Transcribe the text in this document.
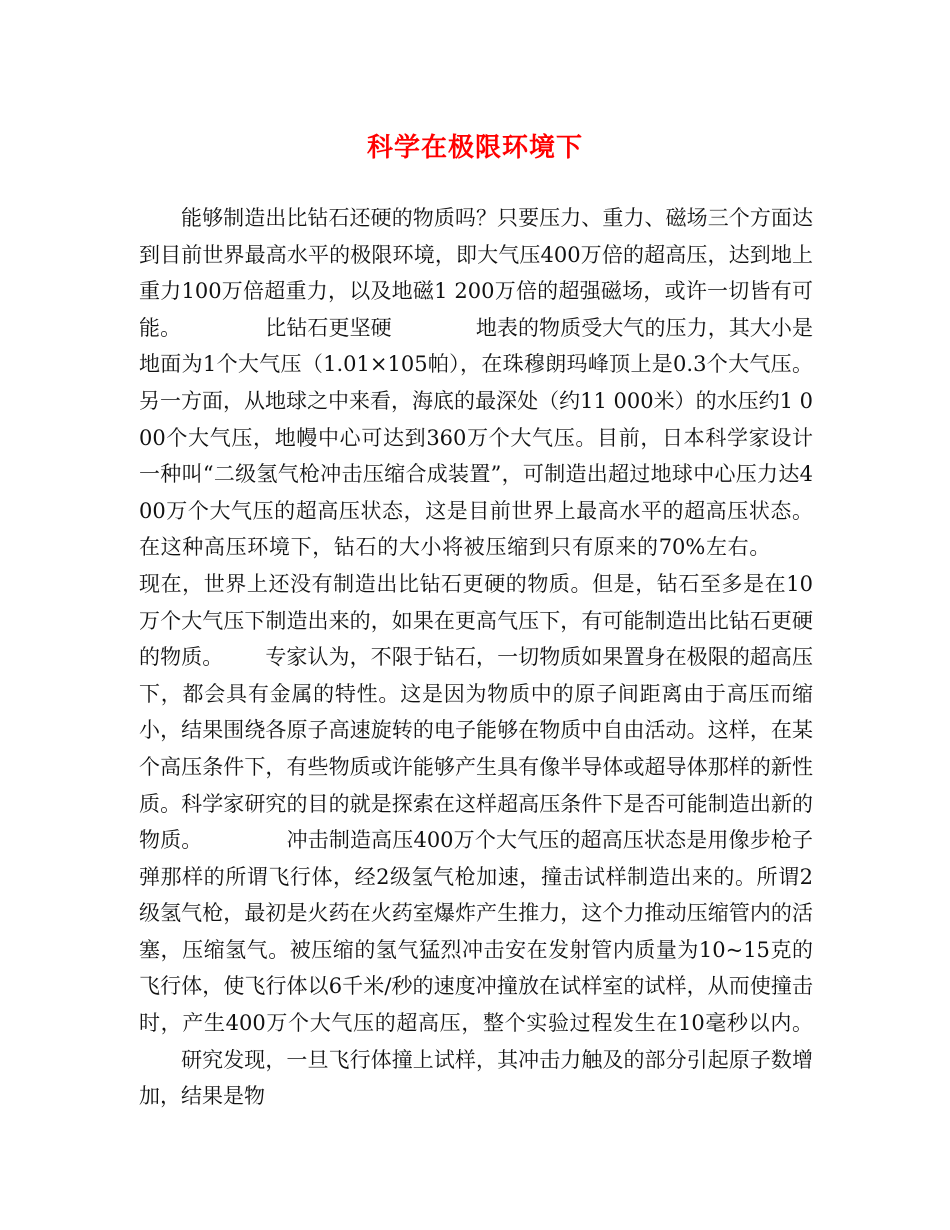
科学在极限环境下

能够制造出比钻石还硬的物质吗？只要压力、重力、磁场三个方面达到目前世界最高水平的极限环境，即大气压400万倍的超高压，达到地上重力100万倍超重力，以及地磁1 200万倍的超强磁场，或许一切皆有可能。	比钻石更坚硬	地表的物质受大气的压力，其大小是地面为1个大气压（1.01×105帕），在珠穆朗玛峰顶上是0.3个大气压。另一方面，从地球之中来看，海底的最深处（约11 000米）的水压约1 000个大气压，地幔中心可达到360万个大气压。目前，日本科学家设计一种叫“二级氢气枪冲击压缩合成装置”，可制造出超过地球中心压力达400万个大气压的超高压状态，这是目前世界上最高水平的超高压状态。在这种高压环境下，钻石的大小将被压缩到只有原来的70%左右。现在，世界上还没有制造出比钻石更硬的物质。但是，钻石至多是在10万个大气压下制造出来的，如果在更高气压下，有可能制造出比钻石更硬的物质。 专家认为，不限于钻石，一切物质如果置身在极限的超高压下，都会具有金属的特性。这是因为物质中的原子间距离由于高压而缩小，结果围绕各原子高速旋转的电子能够在物质中自由活动。这样，在某个高压条件下，有些物质或许能够产生具有像半导体或超导体那样的新性质。科学家研究的目的就是探索在这样超高压条件下是否可能制造出新的物质。	冲击制造高压400万个大气压的超高压状态是用像步枪子弹那样的所谓飞行体，经2级氢气枪加速，撞击试样制造出来的。所谓2级氢气枪，最初是火药在火药室爆炸产生推力，这个力推动压缩管内的活塞，压缩氢气。被压缩的氢气猛烈冲击安在发射管内质量为10~15克的飞行体，使飞行体以6千米/秒的速度冲撞放在试样室的试样，从而使撞击时，产生400万个大气压的超高压，整个实验过程发生在10毫秒以内。研究发现，一旦飞行体撞上试样，其冲击力触及的部分引起原子数增加，结果是物
